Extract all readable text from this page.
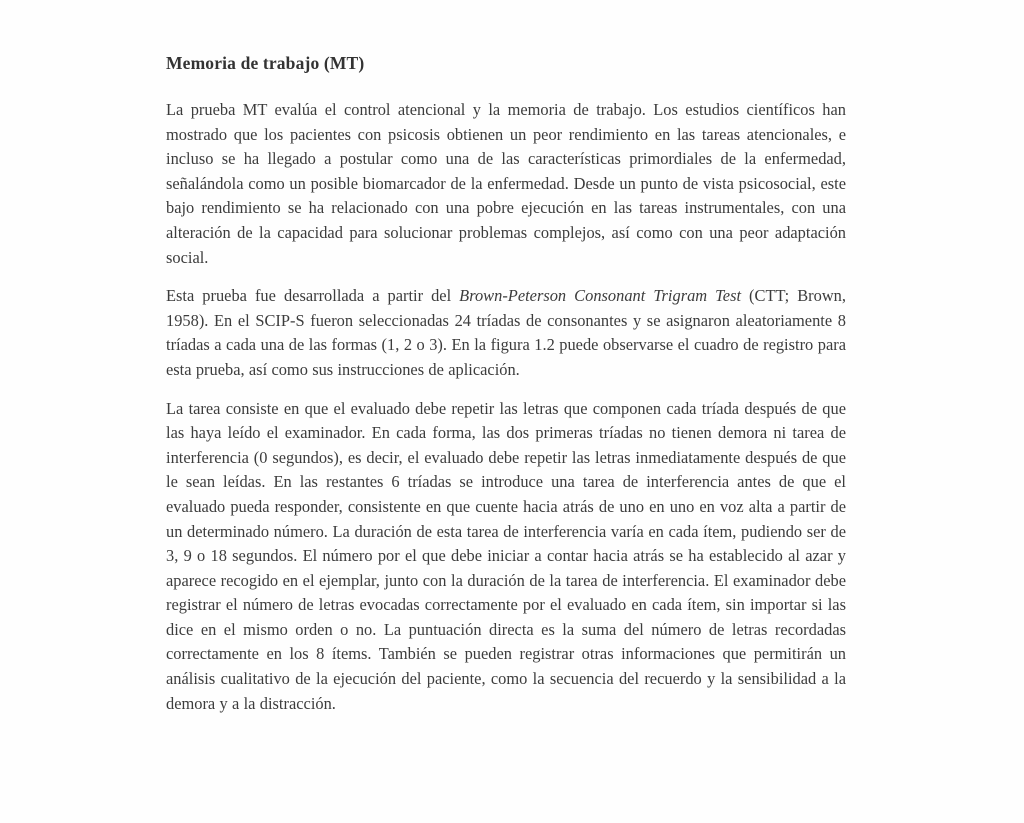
Memoria de trabajo (MT)

La prueba MT evalúa el control atencional y la memoria de trabajo. Los estudios científicos han mostrado que los pacientes con psicosis obtienen un peor rendimiento en las tareas atencionales, e incluso se ha llegado a postular como una de las características primordiales de la enfermedad, señalándola como un posible biomarcador de la enfermedad. Desde un punto de vista psicosocial, este bajo rendimiento se ha relacionado con una pobre ejecución en las tareas instrumentales, con una alteración de la capacidad para solucionar problemas complejos, así como con una peor adaptación social.

Esta prueba fue desarrollada a partir del Brown-Peterson Consonant Trigram Test (CTT; Brown, 1958). En el SCIP-S fueron seleccionadas 24 tríadas de consonantes y se asignaron aleatoriamente 8 tríadas a cada una de las formas (1, 2 o 3). En la figura 1.2 puede observarse el cuadro de registro para esta prueba, así como sus instrucciones de aplicación.

La tarea consiste en que el evaluado debe repetir las letras que componen cada tríada después de que las haya leído el examinador. En cada forma, las dos primeras tríadas no tienen demora ni tarea de interferencia (0 segundos), es decir, el evaluado debe repetir las letras inmediatamente después de que le sean leídas. En las restantes 6 tríadas se introduce una tarea de interferencia antes de que el evaluado pueda responder, consistente en que cuente hacia atrás de uno en uno en voz alta a partir de un determinado número. La duración de esta tarea de interferencia varía en cada ítem, pudiendo ser de 3, 9 o 18 segundos. El número por el que debe iniciar a contar hacia atrás se ha establecido al azar y aparece recogido en el ejemplar, junto con la duración de la tarea de interferencia. El examinador debe registrar el número de letras evocadas correctamente por el evaluado en cada ítem, sin importar si las dice en el mismo orden o no. La puntuación directa es la suma del número de letras recordadas correctamente en los 8 ítems. También se pueden registrar otras informaciones que permitirán un análisis cualitativo de la ejecución del paciente, como la secuencia del recuerdo y la sensibilidad a la demora y a la distracción.
